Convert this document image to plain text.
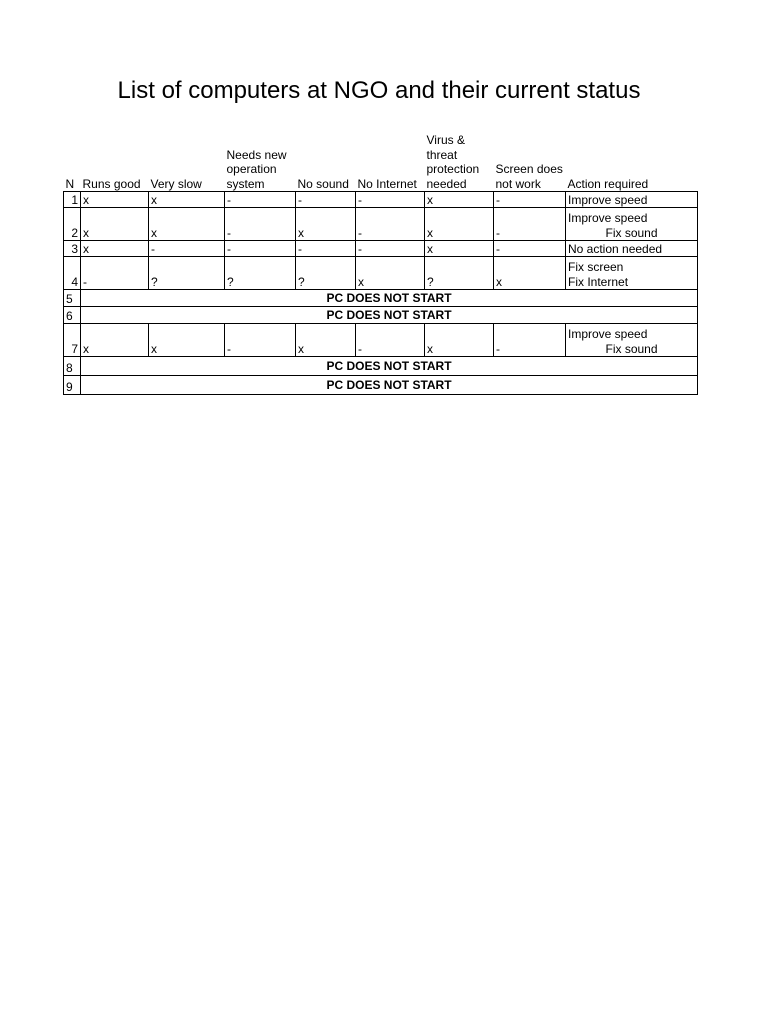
List of computers at NGO and their current status
N	Runs good	Very slow	Needs new operation system	No sound	No Internet	Virus & threat protection needed	Screen does not work	Action required
1	x	x	-	-	-	x	-	Improve speed

2	x	x	-	x	-	x	-	Improve speed
Fix sound

3	x	-	-	-	-	x	-	No action needed

4	-	?	?	?	x	?	x	Fix screen
Fix Internet

5	PC DOES NOT START							
6	PC DOES NOT START							
7	x	x	-	x	-	x	-	Improve speed
Fix sound

8	PC DOES NOT START							
9	PC DOES NOT START							
